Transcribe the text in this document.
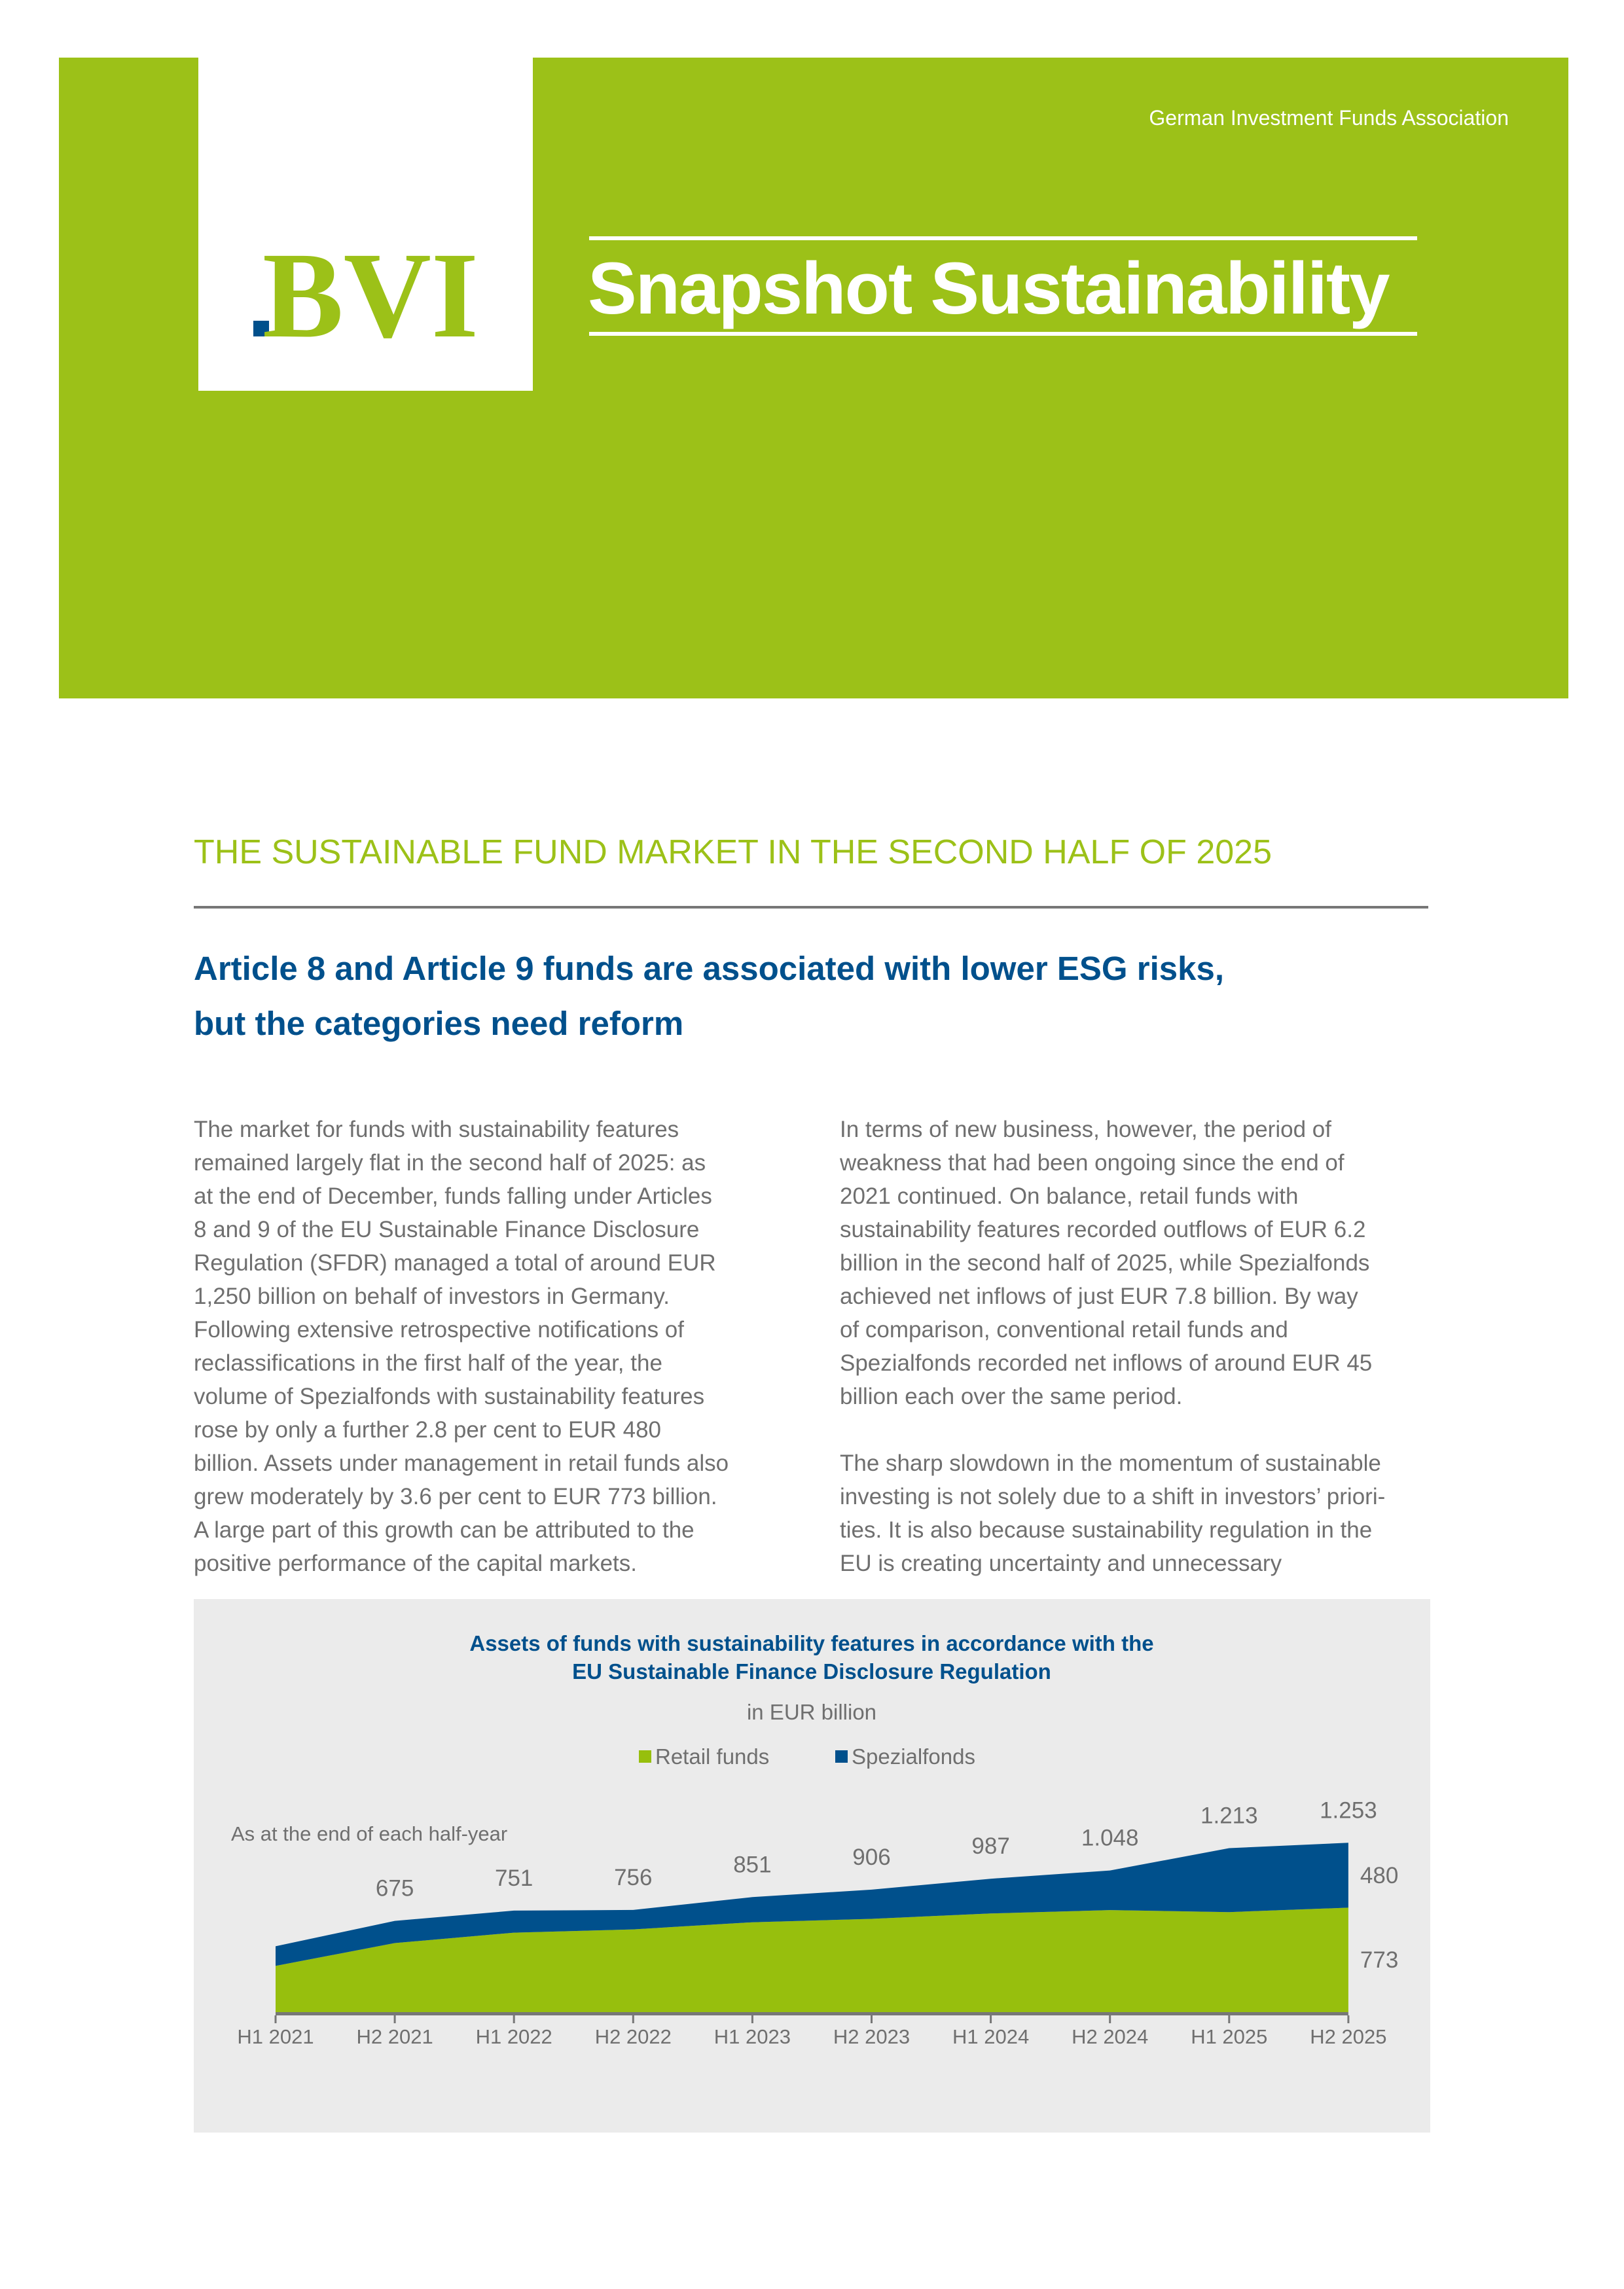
BVI
German Investment Funds Association
Snapshot Sustainability
THE SUSTAINABLE FUND MARKET IN THE SECOND HALF OF 2025
Article 8 and Article 9 funds are associated with lower ESG risks,
but the categories need reform

The market for funds with sustainability features
remained largely flat in the second half of 2025: as
at the end of December, funds falling under Articles
8 and 9 of the EU Sustainable Finance Disclosure
Regulation (SFDR) managed a total of around EUR
1,250 billion on behalf of investors in Germany.
Following extensive retrospective notifications of
reclassifications in the first half of the year, the
volume of Spezialfonds with sustainability features
rose by only a further 2.8 per cent to EUR 480
billion. Assets under management in retail funds also
grew moderately by 3.6 per cent to EUR 773 billion.
A large part of this growth can be attributed to the
positive performance of the capital markets.

In terms of new business, however, the period of
weakness that had been ongoing since the end of
2021 continued. On balance, retail funds with
sustainability features recorded outflows of EUR 6.2
billion in the second half of 2025, while Spezialfonds
achieved net inflows of just EUR 7.8 billion. By way
of comparison, conventional retail funds and
Spezialfonds recorded net inflows of around EUR 45
billion each over the same period.

The sharp slowdown in the momentum of sustainable
investing is not solely due to a shift in investors’ priori-
ties. It is also because sustainability regulation in the
EU is creating uncertainty and unnecessary

Assets of funds with sustainability features in accordance with the
EU Sustainable Finance Disclosure Regulation
in EUR billion
Retail funds	Spezialfonds
H1 2021 H2 2021 H1 2022 H2 2022 H1 2023 H2 2023 H1 2024 H2 2024 H1 2025 H2 2025
675	751	756
851	906	987	1.048
1.213	1.253
773
480
As at the end of each half-year
